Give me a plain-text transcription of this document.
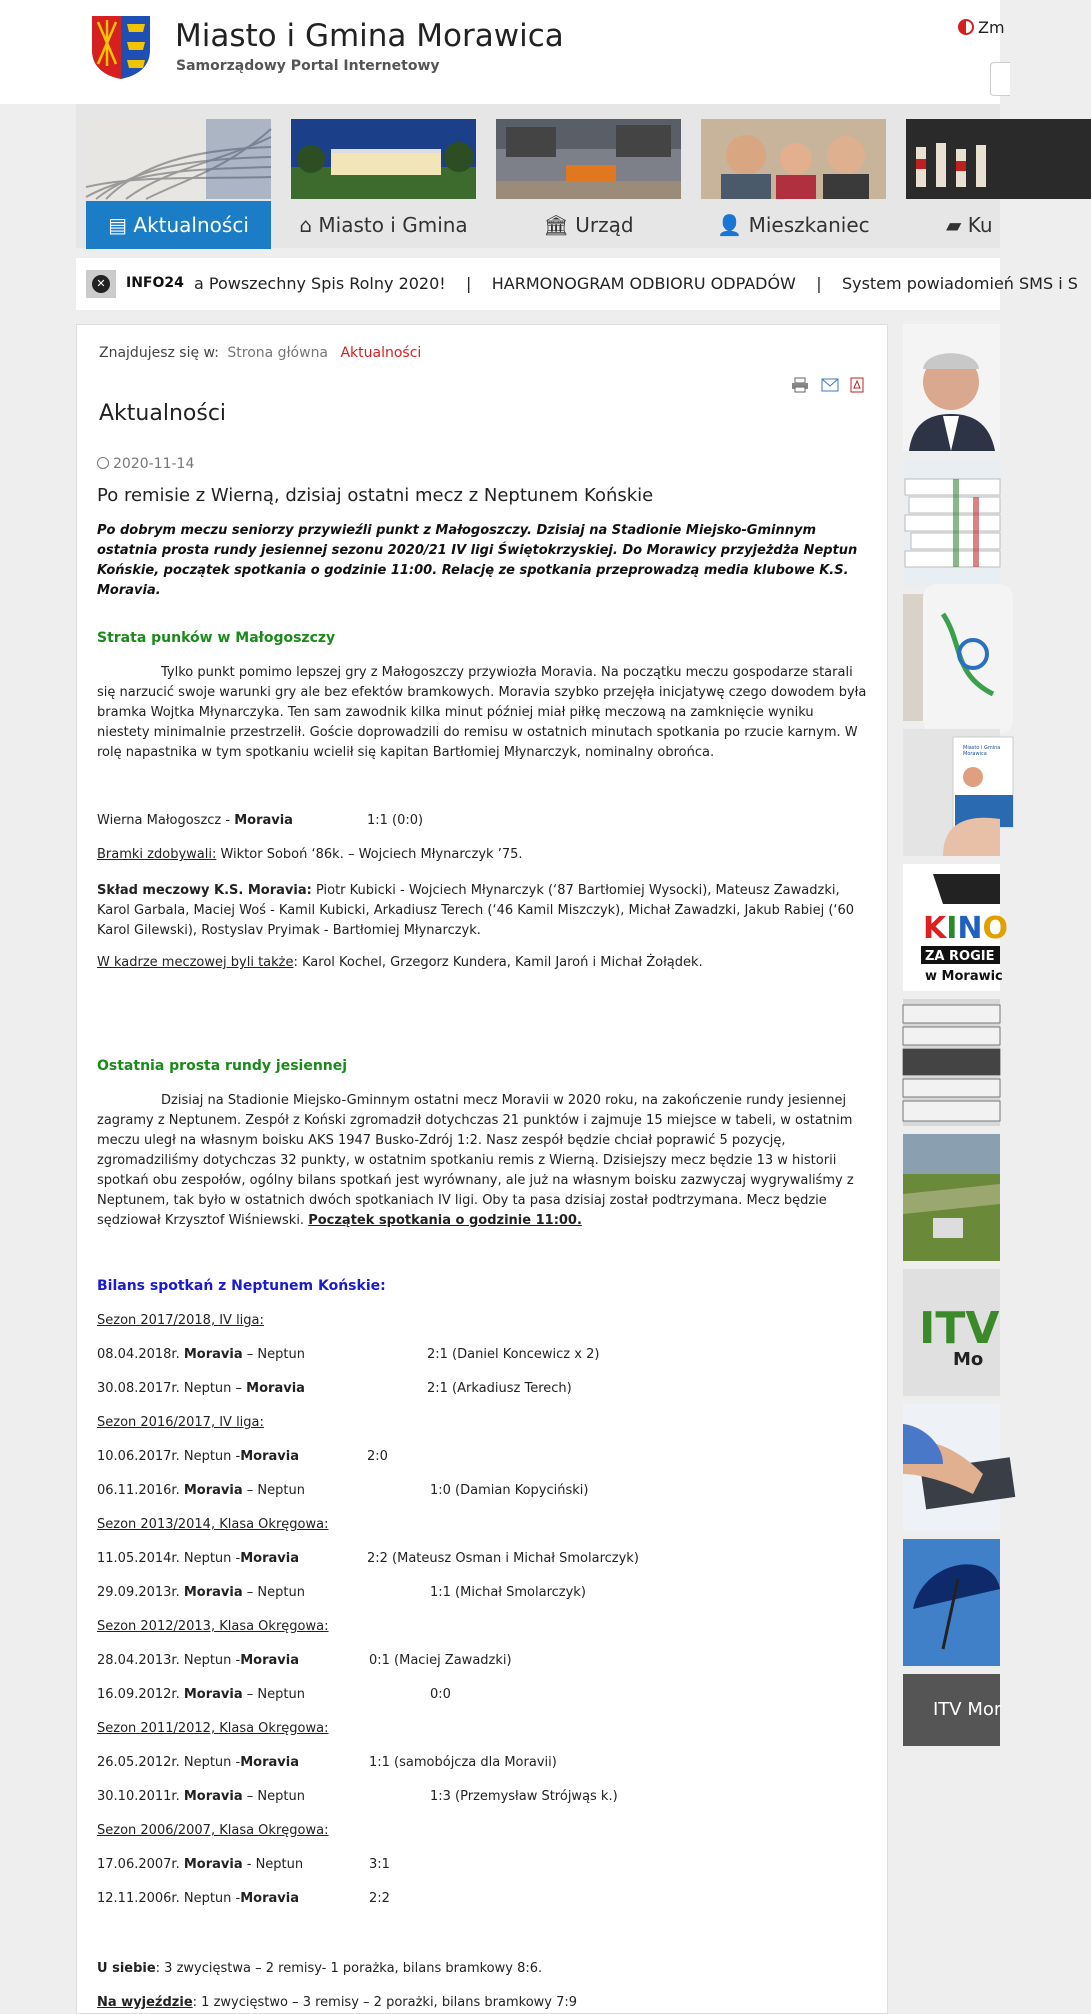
Miasto i Gmina Morawica
Samorządowy Portal Internetowy
Zm
▤ Aktualności	⌂ Miasto i Gmina	🏛 Urząd	👤 Mieszkaniec	▰ Ku
✕	INFO24 a Powszechny Spis Rolny 2020!    |    HARMONOGRAM ODBIORU ODPADÓW    |    System powiadomień SMS i S
Znajdujesz się w: Strona główna Aktualności
Aktualności
2020-11-14
Po remisie z Wierną, dzisiaj ostatni mecz z Neptunem Końskie
Po dobrym meczu seniorzy przywieźli punkt z Małogoszczy. Dzisiaj na Stadionie Miejsko-Gminnym ostatnia prosta rundy jesiennej sezonu 2020/21 IV ligi Świętokrzyskiej. Do Morawicy przyjeżdża Neptun Końskie, początek spotkania o godzinie 11:00. Relację ze spotkania przeprowadzą media klubowe K.S. Moravia.
Strata punków w Małogoszczy
Tylko punkt pomimo lepszej gry z Małogoszczy przywiozła Moravia. Na początku meczu gospodarze starali się narzucić swoje warunki gry ale bez efektów bramkowych. Moravia szybko przejęła inicjatywę czego dowodem była bramka Wojtka Młynarczyka. Ten sam zawodnik kilka minut później miał piłkę meczową na zamknięcie wyniku niestety minimalnie przestrzelił. Goście doprowadzili do remisu w ostatnich minutach spotkania po rzucie karnym. W rolę napastnika w tym spotkaniu wcielił się kapitan Bartłomiej Młynarczyk, nominalny obrońca.
Wierna Małogoszcz - Moravia	1:1 (0:0)
Bramki zdobywali: Wiktor Soboń ‘86k. – Wojciech Młynarczyk ’75.
Skład meczowy K.S. Moravia: Piotr Kubicki - Wojciech Młynarczyk (‘87 Bartłomiej Wysocki), Mateusz Zawadzki, Karol Garbala, Maciej Woś - Kamil Kubicki, Arkadiusz Terech (‘46 Kamil Miszczyk), Michał Zawadzki, Jakub Rabiej (‘60 Karol Gilewski), Rostyslav Pryimak - Bartłomiej Młynarczyk.
W kadrze meczowej byli także: Karol Kochel, Grzegorz Kundera, Kamil Jaroń i Michał Żołądek.
Ostatnia prosta rundy jesiennej
Dzisiaj na Stadionie Miejsko-Gminnym ostatni mecz Moravii w 2020 roku, na zakończenie rundy jesiennej zagramy z Neptunem. Zespół z Koński zgromadził dotychczas 21 punktów i zajmuje 15 miejsce w tabeli, w ostatnim meczu uległ na własnym boisku AKS 1947 Busko-Zdrój 1:2. Nasz zespół będzie chciał poprawić 5 pozycję, zgromadziliśmy dotychczas 32 punkty, w ostatnim spotkaniu remis z Wierną. Dzisiejszy mecz będzie 13 w historii spotkań obu zespołów, ogólny bilans spotkań jest wyrównany, ale już na własnym boisku zazwyczaj wygrywaliśmy z Neptunem, tak było w ostatnich dwóch spotkaniach IV ligi. Oby ta pasa dzisiaj został podtrzymana. Mecz będzie sędziował Krzysztof Wiśniewski. Początek spotkania o godzinie 11:00.
Bilans spotkań z Neptunem Końskie:
Sezon 2017/2018, IV liga:
08.04.2018r. Moravia – Neptun	2:1 (Daniel Koncewicz x 2)
30.08.2017r. Neptun – Moravia	2:1 (Arkadiusz Terech)
Sezon 2016/2017, IV liga:
10.06.2017r. Neptun -Moravia	2:0
06.11.2016r. Moravia – Neptun	1:0 (Damian Kopyciński)
Sezon 2013/2014, Klasa Okręgowa:
11.05.2014r. Neptun -Moravia	2:2 (Mateusz Osman i Michał Smolarczyk)
29.09.2013r. Moravia – Neptun	1:1 (Michał Smolarczyk)
Sezon 2012/2013, Klasa Okręgowa:
28.04.2013r. Neptun -Moravia	0:1 (Maciej Zawadzki)
16.09.2012r. Moravia – Neptun	0:0
Sezon 2011/2012, Klasa Okręgowa:
26.05.2012r. Neptun -Moravia	1:1 (samobójcza dla Moravii)
30.10.2011r. Moravia – Neptun	1:3 (Przemysław Strójwąs k.)
Sezon 2006/2007, Klasa Okręgowa:
17.06.2007r. Moravia - Neptun	3:1
12.11.2006r. Neptun -Moravia	2:2
U siebie: 3 zwycięstwa – 2 remisy- 1 porażka, bilans bramkowy 8:6.
Na wyjeździe: 1 zwycięstwo – 3 remisy – 2 porażki, bilans bramkowy 7:9
Miasto i Gmina
Morawica
KINO
ZA ROGIE
w Morawic
ITV
Mo
ITV Mor
